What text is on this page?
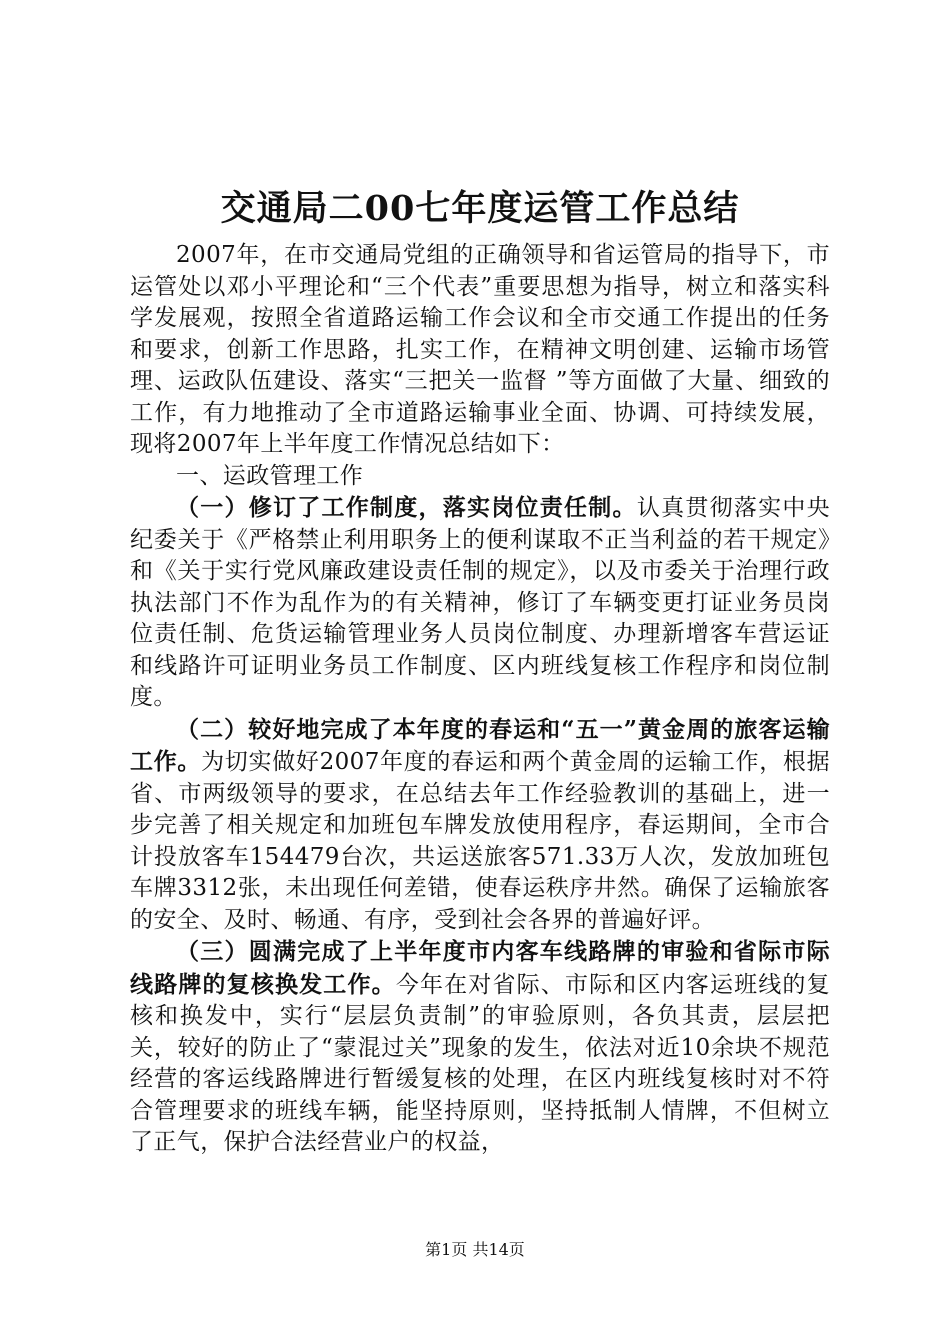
交通局二00七年度运管工作总结

2007年，在市交通局党组的正确领导和省运管局的指导下，市运管处以邓小平理论和“三个代表”重要思想为指导，树立和落实科学发展观，按照全省道路运输工作会议和全市交通工作提出的任务和要求，创新工作思路，扎实工作，在精神文明创建、运输市场管理、运政队伍建设、落实“三把关一监督 ”等方面做了大量、细致的工作，有力地推动了全市道路运输事业全面、协调、可持续发展，现将2007年上半年度工作情况总结如下：

一、运政管理工作

（一）修订了工作制度，落实岗位责任制。认真贯彻落实中央纪委关于《严格禁止利用职务上的便利谋取不正当利益的若干规定》和《关于实行党风廉政建设责任制的规定》，以及市委关于治理行政执法部门不作为乱作为的有关精神，修订了车辆变更打证业务员岗位责任制、危货运输管理业务人员岗位制度、办理新增客车营运证和线路许可证明业务员工作制度、区内班线复核工作程序和岗位制度。

（二）较好地完成了本年度的春运和“五一”黄金周的旅客运输工作。为切实做好2007年度的春运和两个黄金周的运输工作，根据省、市两级领导的要求，在总结去年工作经验教训的基础上，进一步完善了相关规定和加班包车牌发放使用程序，春运期间，全市合计投放客车154479台次，共运送旅客571.33万人次，发放加班包车牌3312张，未出现任何差错，使春运秩序井然。确保了运输旅客的安全、及时、畅通、有序，受到社会各界的普遍好评。

（三）圆满完成了上半年度市内客车线路牌的审验和省际市际线路牌的复核换发工作。今年在对省际、市际和区内客运班线的复核和换发中，实行“层层负责制”的审验原则，各负其责，层层把关，较好的防止了“蒙混过关”现象的发生，依法对近10余块不规范经营的客运线路牌进行暂缓复核的处理，在区内班线复核时对不符合管理要求的班线车辆，能坚持原则，坚持抵制人情牌，不但树立了正气，保护合法经营业户的权益，

第1页 共14页
